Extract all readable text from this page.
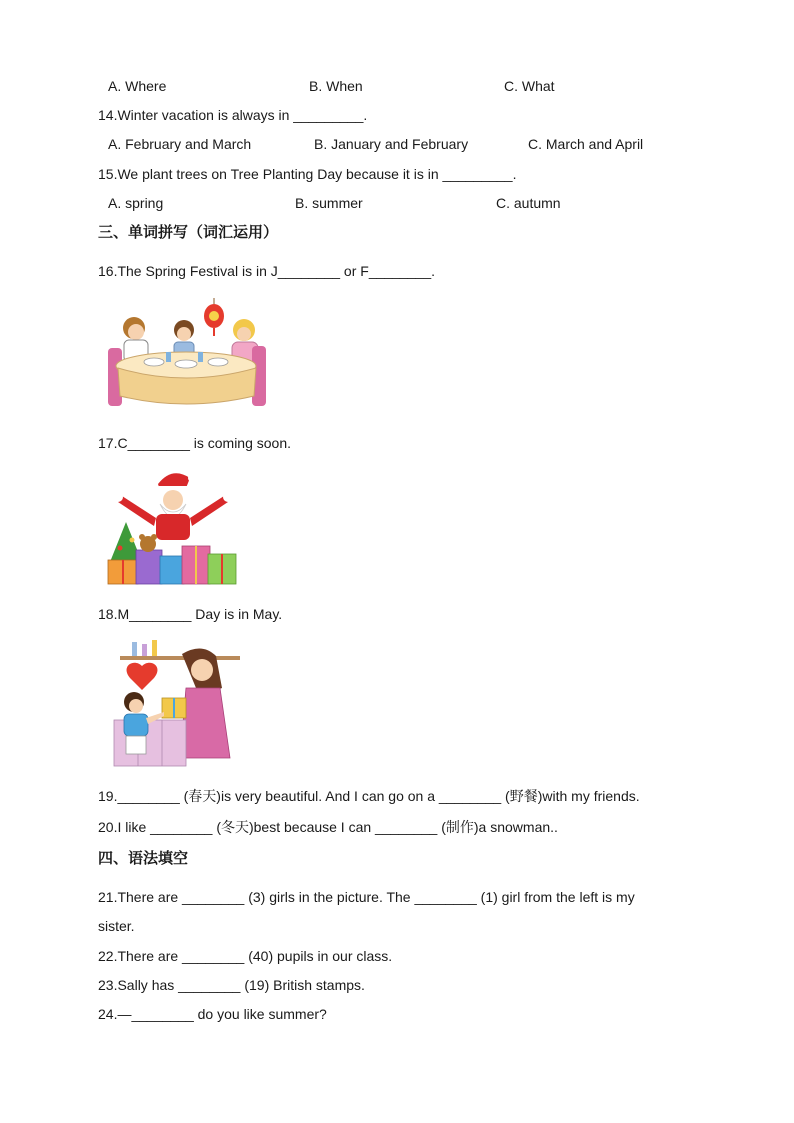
A. Where	B. When	C. What
14.Winter vacation is always in _________.
A. February and March	B. January and February	C. March and April
15.We plant trees on Tree Planting Day because it is in _________.
A. spring	B. summer	C. autumn
三、单词拼写（词汇运用）
16.The Spring Festival is in J________ or F________.
17.C________ is coming soon.
18.M________ Day is in May.
19.________ (春天)is very beautiful. And I can go on a ________ (野餐)with my friends.
20.I like ________ (冬天)best because I can ________ (制作)a snowman..
四、语法填空
21.There are ________ (3) girls in the picture. The ________ (1) girl from the left is my
sister.
22.There are ________ (40) pupils in our class.
23.Sally has ________ (19) British stamps.
24.—________ do you like summer?
